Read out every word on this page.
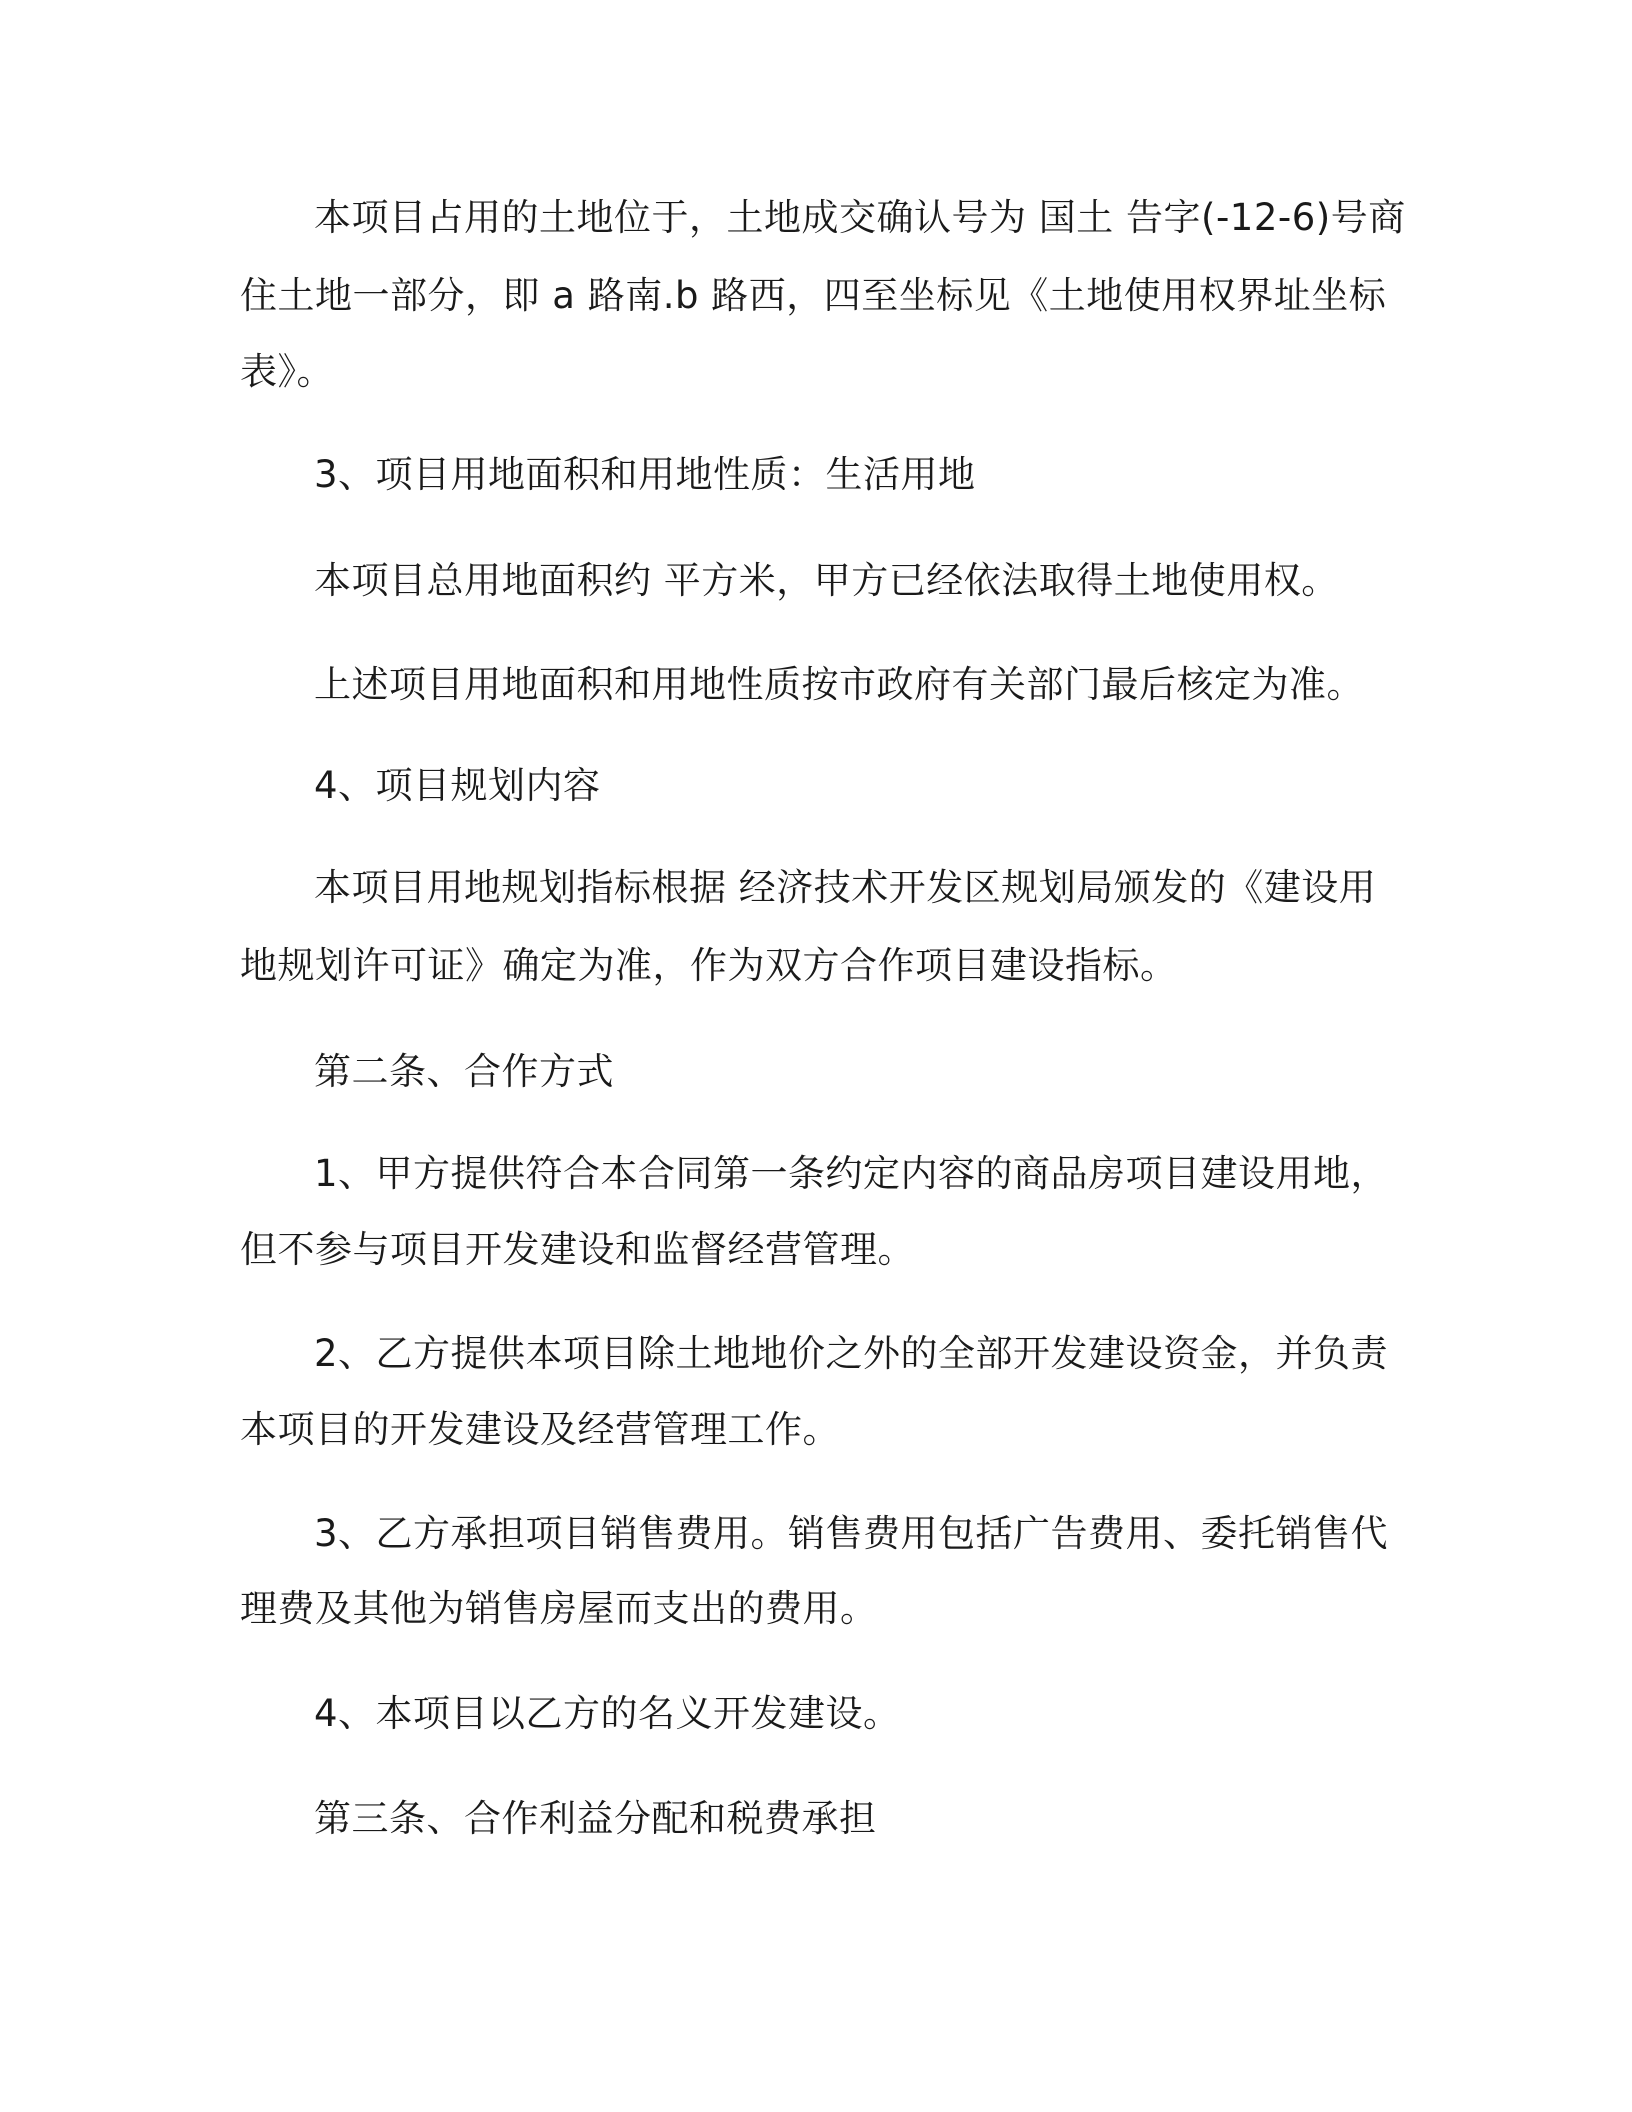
本项目占用的土地位于，土地成交确认号为 国土 告字(-12-6)号商

住土地一部分，即 a 路南.b 路西，四至坐标见《土地使用权界址坐标

表》。

3、项目用地面积和用地性质：生活用地

本项目总用地面积约 平方米，甲方已经依法取得土地使用权。

上述项目用地面积和用地性质按市政府有关部门最后核定为准。

4、项目规划内容

本项目用地规划指标根据 经济技术开发区规划局颁发的《建设用

地规划许可证》确定为准，作为双方合作项目建设指标。

第二条、合作方式

1、甲方提供符合本合同第一条约定内容的商品房项目建设用地，

但不参与项目开发建设和监督经营管理。

2、乙方提供本项目除土地地价之外的全部开发建设资金，并负责

本项目的开发建设及经营管理工作。

3、乙方承担项目销售费用。销售费用包括广告费用、委托销售代

理费及其他为销售房屋而支出的费用。

4、本项目以乙方的名义开发建设。

第三条、合作利益分配和税费承担
